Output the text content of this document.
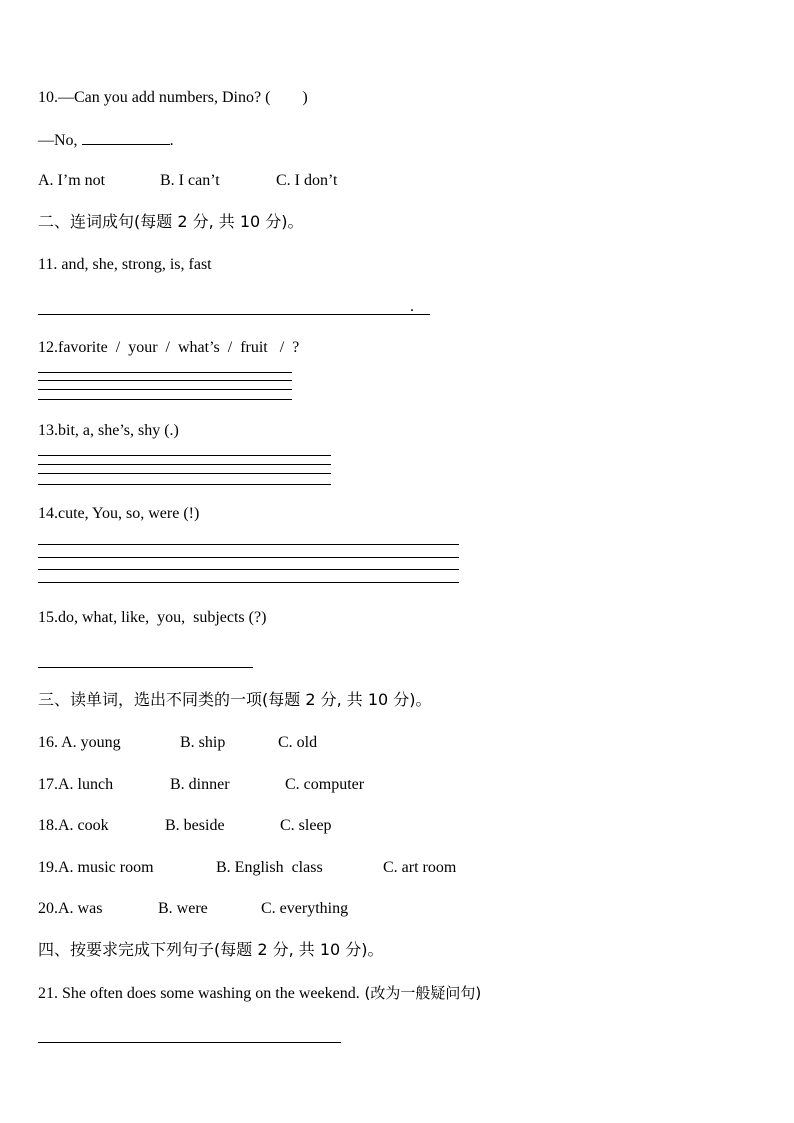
10.—Can you add numbers, Dino? (        )
—No,	.
A. I’m not	B. I can’t	C. I don’t
二、连词成句(每题 2 分, 共 10 分)。
11. and, she, strong, is, fast
.
12.favorite  /  your  /  what’s  /  fruit   /  ?
13.bit, a, she’s, shy (.)
14.cute, You, so, were (!)
15.do, what, like,  you,  subjects (?)
三、读单词，选出不同类的一项(每题 2 分, 共 10 分)。
16. A. young	B. ship	C. old
17.A. lunch	B. dinner	C. computer
18.A. cook	B. beside	C. sleep
19.A. music room	B. English  class	C. art room
20.A. was	B. were	C. everything
四、按要求完成下列句子(每题 2 分, 共 10 分)。
21. She often does some washing on the weekend. (改为一般疑问句)
